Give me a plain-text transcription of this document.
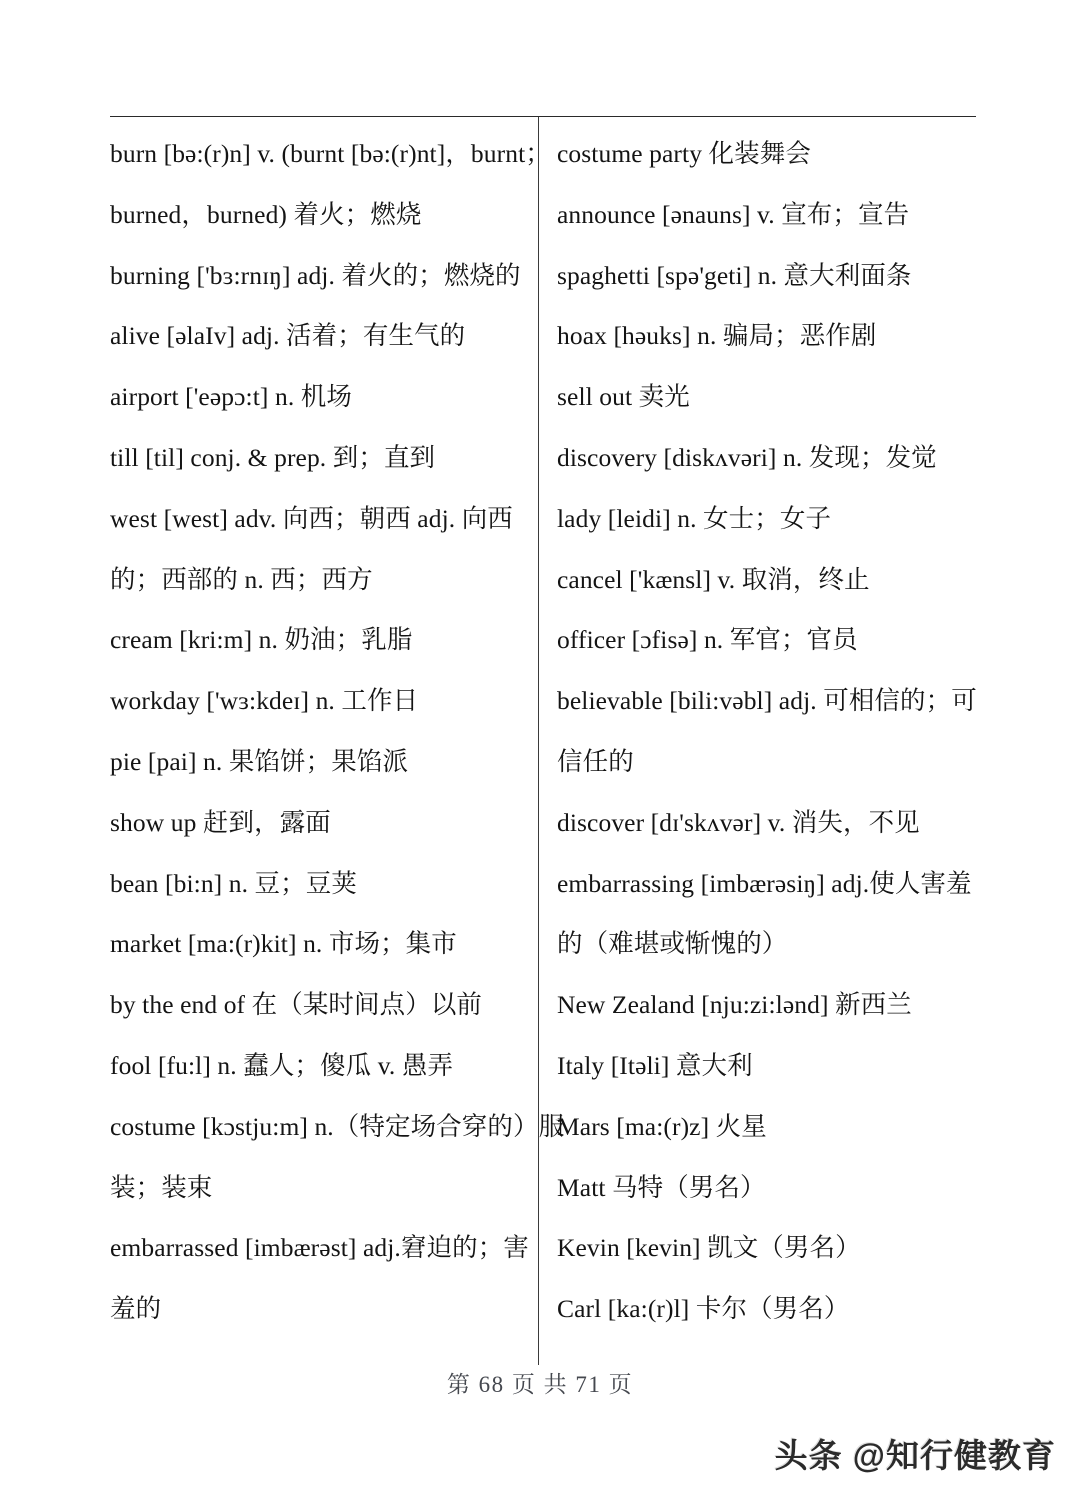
burn [bə:(r)n] v. (burnt [bə:(r)nt]，burnt；
burned，burned) 着火；燃烧
burning ['bɜ:rnɪŋ] adj. 着火的；燃烧的
alive [əlaIv] adj. 活着；有生气的
airport ['eəpɔ:t] n. 机场
till [til] conj. & prep. 到；直到
west [west] adv. 向西；朝西 adj. 向西
的；西部的 n. 西；西方
cream [kri:m] n. 奶油；乳脂
workday ['wɜ:kdeɪ] n. 工作日
pie [pai] n. 果馅饼；果馅派
show up 赶到，露面
bean [bi:n] n. 豆；豆荚
market [ma:(r)kit] n. 市场；集市
by the end of 在（某时间点）以前
fool [fu:l] n. 蠢人；傻瓜 v. 愚弄
costume [kɔstju:m] n.（特定场合穿的）服
装；装束
embarrassed [imbærəst] adj.窘迫的；害
羞的
costume party 化装舞会
announce [ənauns] v. 宣布；宣告
spaghetti [spə'geti] n. 意大利面条
hoax [həuks] n. 骗局；恶作剧
sell out 卖光
discovery [diskʌvəri] n. 发现；发觉
lady [leidi] n. 女士；女子
cancel ['kænsl] v. 取消，终止
officer [ɔfisə] n. 军官；官员
believable [bili:vəbl] adj. 可相信的；可
信任的
discover [dɪ'skʌvər] v. 消失，不见
embarrassing [imbærəsiŋ] adj.使人害羞
的（难堪或惭愧的）
New Zealand [nju:zi:lənd] 新西兰
Italy [Itəli] 意大利
Mars [ma:(r)z] 火星
Matt 马特（男名）
Kevin [kevin] 凯文（男名）
Carl [ka:(r)l] 卡尔（男名）
第 68 页 共 71 页
头条 @知行健教育
